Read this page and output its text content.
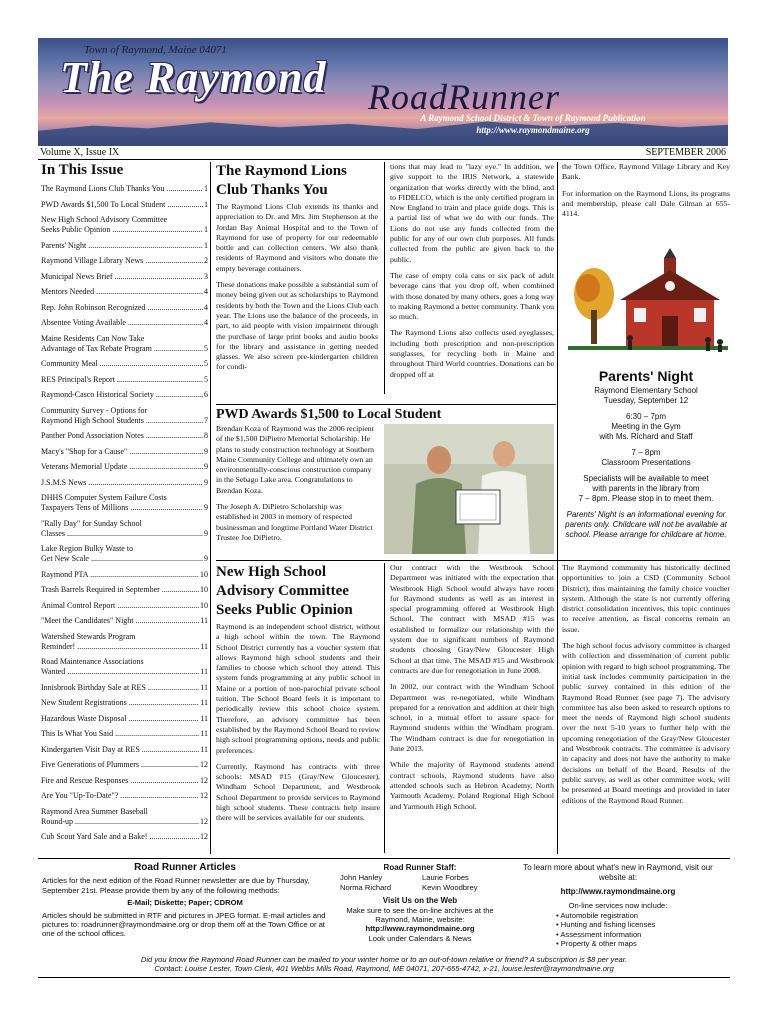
Town of Raymond, Maine 04071
The Raymond RoadRunner
A Raymond School District & Town of Raymond Publication
http://www.raymondmaine.org
Volume X, Issue IX	SEPTEMBER 2006
In This Issue
The Raymond Lions Club Thanks You .....	1
PWD Awards $1,500 To Local Student .....	1
New High School Advisory Committee
Seeks Public Opinion .....	1
Parents' Night .....	1
Raymond Village Library News .....	2
Municipal News Brief .....	3
Mentors Needed .....	4
Rep. John Robinson Recognized .....	4
Absentee Voting Available .....	4
Maine Residents Can Now Take
Advantage of Tax Rebate Program .....	5
Community Meal .....	5
RES Principal's Report .....	5
Raymond-Casco Historical Society .....	6
Community Survey - Options for
Raymond High School Students .....	7
Panther Pond Association Notes .....	8
Macy's "Shop for a Cause" .....	9
Veterans Memorial Update .....	9
J.S.M.S News .....	9
DHHS Computer System Failure Costs
Taxpayers Tens of Millions .....	9
"Rally Day" for Sunday School
Classes .....	9
Lake Region Bulky Waste to
Get New Scale .....	9
Raymond PTA .....	10
Trash Barrels Required in September .....	10
Animal Control Report .....	10
"Meet the Candidates" Night .....	11
Watershed Stewards Program
Reminder! .....	11
Road Maintenance Associations
Wanted .....	11
Innisbrook Birthday Sale at RES .....	11
New Student Registrations .....	11
Hazardous Waste Disposal .....	11
This Is What You Said .....	11
Kindergarten Visit Day at RES .....	11
Five Generations of Plummers .....	12
Fire and Rescue Responses .....	12
Are You "Up-To-Date"? .....	12
Raymond Area Summer Baseball
Round-up .....	12
Cub Scout Yard Sale and a Bake! .....	12
The Raymond Lions Club Thanks You

The Raymond Lions Club extends its thanks and appreciation to Dr. and Mrs. Jim Stephenson at the Jordan Bay Animal Hospital and to the Town of Raymond for use of property for our redeemable bottle and can collection centers. We also thank residents of Raymond and visitors who donate the empty beverage containers.

These donations make possible a substantial sum of money being given out as scholarships to Raymond residents by both the Town and the Lions Club each year. The Lions use the balance of the proceeds, in part, to aid people with vision impairment through the purchase of large print books and audio books for the library and assistance in getting needed glasses. We also screen pre-kindergarten children for condi-

tions that may lead to "lazy eye." In addition, we give support to the IRIS Network, a statewide organization that works directly with the blind, and to FIDELCO, which is the only certified program in New England to train and place guide dogs. This is a partial list of what we do with our funds. The Lions do not use any funds collected from the public for any of our own club purposes. All funds collected from the public are given back to the public.

The case of empty cola cans or six pack of adult beverage cans that you drop off, when combined with those donated by many others, goes a long way to making Raymond a better community. Thank you so much.

The Raymond Lions also collects used eyeglasses, including both prescription and non-prescription sunglasses, for recycling both in Maine and throughout Third World countries. Donations can be dropped off at

the Town Office, Raymond Village Library and Key Bank.

For information on the Raymond Lions, its programs and membership, please call Dale Gilman at 655-4114.

Parents' Night
Raymond Elementary School
Tuesday, September 12
6:30 – 7pm
Meeting in the Gym
with Ms. Richard and Staff
7 – 8pm
Classroom Presentations
Specialists will be available to meet
with parents in the library from
7 – 8pm. Please stop in to meet them.
Parents' Night is an informational evening for parents only. Childcare will not be available at school. Please arrange for childcare at home.
PWD Awards $1,500 to Local Student

Brendan Koza of Raymond was the 2006 recipient of the $1,500 DiPietro Memorial Scholarship. He plans to study construction technology at Southern Maine Community College and ultimately own an environmentally-conscious construction company in the Sebago Lake area. Congratulations to Brendan Koza.

The Joseph A. DiPietro Scholarship was established in 2003 in memory of respected businessman and longtime Portland Water District Trustee Joe DiPietro.

New High School Advisory Committee Seeks Public Opinion

Raymond is an independent school district, without a high school within the town. The Raymond School District currently has a voucher system that allows Raymond high school students and their families to choose which school they attend. This system funds programming at any public school in Maine or a portion of non-parochial private school tuition. The School Board feels it is important to periodically review this school choice system. Therefore, an advisory committee has been established by the Raymond School Board to review high school programming options, needs and public preferences.

Currently, Raymond has contracts with three schools: MSAD #15 (Gray/New Gloucester), Windham School Department, and Westbrook School Department to provide services to Raymond high school students. These contracts help insure there will be services available for our students.

Our contract with the Westbrook School Department was initiated with the expectation that Westbrook High School would always have room for Raymond students as well as an interest in special programming offered at Westbrook High School. The contract with MSAD #15 was established to formalize our relationship with the system due to significant numbers of Raymond students choosing Gray/New Gloucester High School at that time. The MSAD #15 and Westbrook contracts are due for renegotiation in June 2008.

In 2002, our contract with the Windham School Department was re-negotiated, while Windham prepared for a renovation and addition at their high school, in a mutual effort to assure space for Raymond students within the Windham program. The Windham contract is due for renegotiation in June 2013.

While the majority of Raymond students attend contract schools, Raymond students have also attended schools such as Hebron Academy, North Yarmouth Academy, Poland Regional High School and Yarmouth High School.

The Raymond community has historically declined opportunities to join a CSD (Community School District), thus maintaining the family choice voucher system. Although the state is not currently offering district consolidation incentives, this topic continues to receive attention, as fiscal concerns remain an issue.

The high school focus advisory committee is charged with collection and dissemination of current public opinion with regard to high school programming. The initial task includes community participation in the public survey contained in this edition of the Raymond Road Runner (see page 7). The advisory committee has also been asked to research options to meet the needs of Raymond high school students over the next 5-10 years to further help with the upcoming renegotiation of the Gray/New Gloucester and Westbrook contracts. The committee is advisory in capacity and does not have the authority to make decisions on behalf of the Board. Results of the public survey, as well as other committee work, will be presented at Board meetings and provided in later editions of the Raymond Road Runner.

Road Runner Articles
Articles for the next edition of the Road Runner newsletter are due by Thursday, September 21st. Please provide them by any of the following methods:
E-Mail; Diskette; Paper; CDROM
Articles should be submitted in RTF and pictures in JPEG format. E-mail articles and pictures to: roadrunner@raymondmaine.org or drop them off at the Town Office or at one of the school offices.
Road Runner Staff:
John Hanley	Laurie Forbes
Norma Richard	Kevin Woodbrey
Visit Us on the Web
Make sure to see the on-line archives at the Raymond, Maine, website:
http://www.raymondmaine.org
Look under Calendars & News
To learn more about what's new in Raymond, visit our website at:
http://www.raymondmaine.org
On-line services now include:
• Automobile registration
• Hunting and fishing licenses
• Assessment information
• Property & other maps
Did you know the Raymond Road Runner can be mailed to your winter home or to an out-of-town relative or friend? A subscription is $8 per year.
Contact: Louise Lester, Town Clerk, 401 Webbs Mills Road, Raymond, ME 04071, 207-655-4742, x-21, louise.lester@raymondmaine.org
